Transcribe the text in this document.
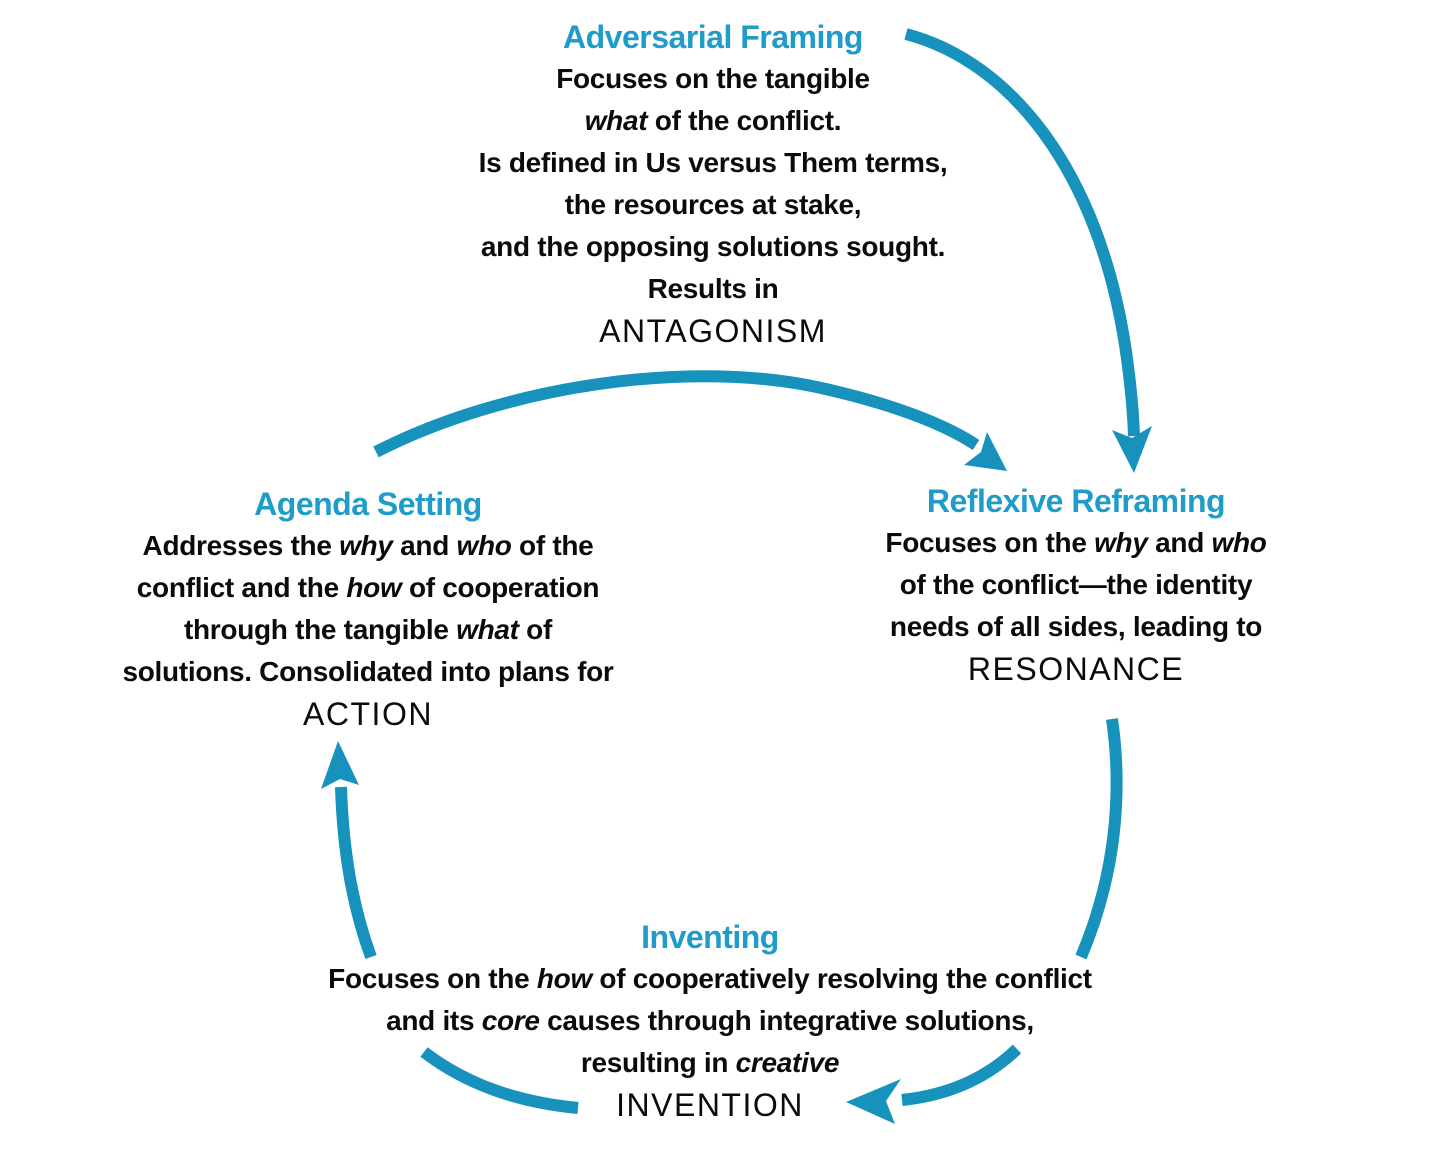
Adversarial Framing
Focuses on the tangible
what of the conflict.
Is defined in Us versus Them terms,
the resources at stake,
and the opposing solutions sought.
Results in
ANTAGONISM
Agenda Setting
Addresses the why and who of the
conflict and the how of cooperation
through the tangible what of
solutions. Consolidated into plans for
ACTION
Reflexive Reframing
Focuses on the why and who
of the conflict—the identity
needs of all sides, leading to
RESONANCE
Inventing
Focuses on the how of cooperatively resolving the conflict
and its core causes through integrative solutions,
resulting in creative
INVENTION
